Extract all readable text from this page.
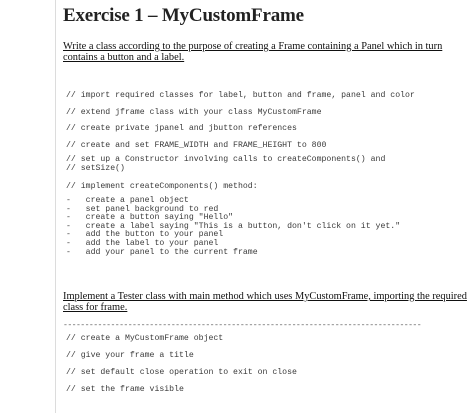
Exercise 1 – MyCustomFrame

Write a class according to the purpose of creating a Frame containing a Panel which in turn contains a button and a label.

// import required classes for label, button and frame, panel and color

// extend jframe class with your class MyCustomFrame

// create private jpanel and jbutton references

// create and set FRAME_WIDTH and FRAME_HEIGHT to 800

// set up a Constructor involving calls to createComponents() and
// setSize()

// implement createComponents() method:

-   create a panel object
-   set panel background to red
-   create a button saying "Hello"
-   create a label saying "This is a button, don't click on it yet."
-   add the button to your panel
-   add the label to your panel
-   add your panel to the current frame

Implement a Tester class with main method which uses MyCustomFrame, importing the required class for frame.

-----------------------------------------------------------------------------------

// create a MyCustomFrame object

// give your frame a title

// set default close operation to exit on close

// set the frame visible
